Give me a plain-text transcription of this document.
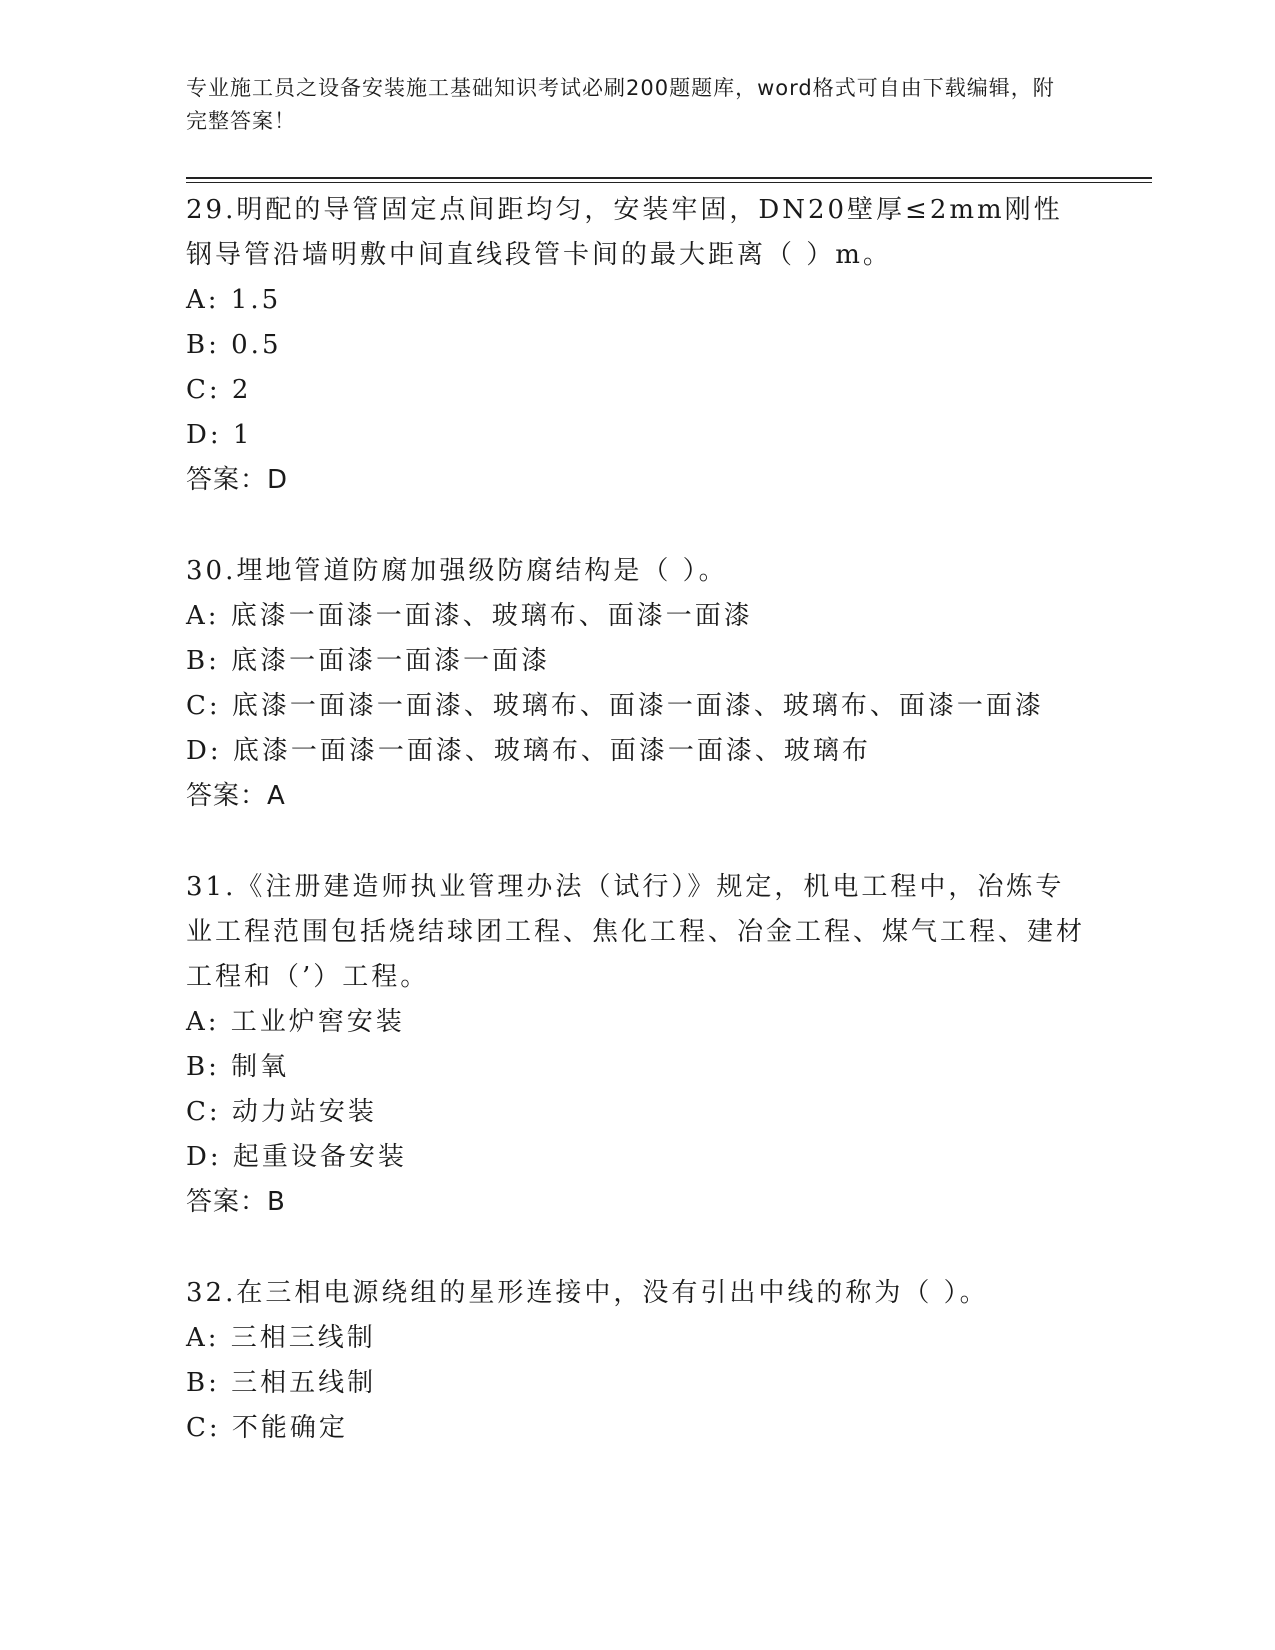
专业施工员之设备安装施工基础知识考试必刷200题题库，word格式可自由下载编辑，附完整答案！

29.明配的导管固定点间距均匀，安装牢固，DN20壁厚≤2mm刚性钢导管沿墙明敷中间直线段管卡间的最大距离（ ）m。

A: 1.5

B: 0.5

C: 2

D: 1

答案：D

30.埋地管道防腐加强级防腐结构是（ ）。

A: 底漆一面漆一面漆、玻璃布、面漆一面漆

B: 底漆一面漆一面漆一面漆

C: 底漆一面漆一面漆、玻璃布、面漆一面漆、玻璃布、面漆一面漆

D: 底漆一面漆一面漆、玻璃布、面漆一面漆、玻璃布

答案：A

31.《注册建造师执业管理办法（试行）》规定，机电工程中，冶炼专业工程范围包括烧结球团工程、焦化工程、冶金工程、煤气工程、建材工程和（’）工程。

A: 工业炉窖安装

B: 制氧

C: 动力站安装

D: 起重设备安装

答案：B

32.在三相电源绕组的星形连接中，没有引出中线的称为（ ）。

A: 三相三线制

B: 三相五线制

C: 不能确定
